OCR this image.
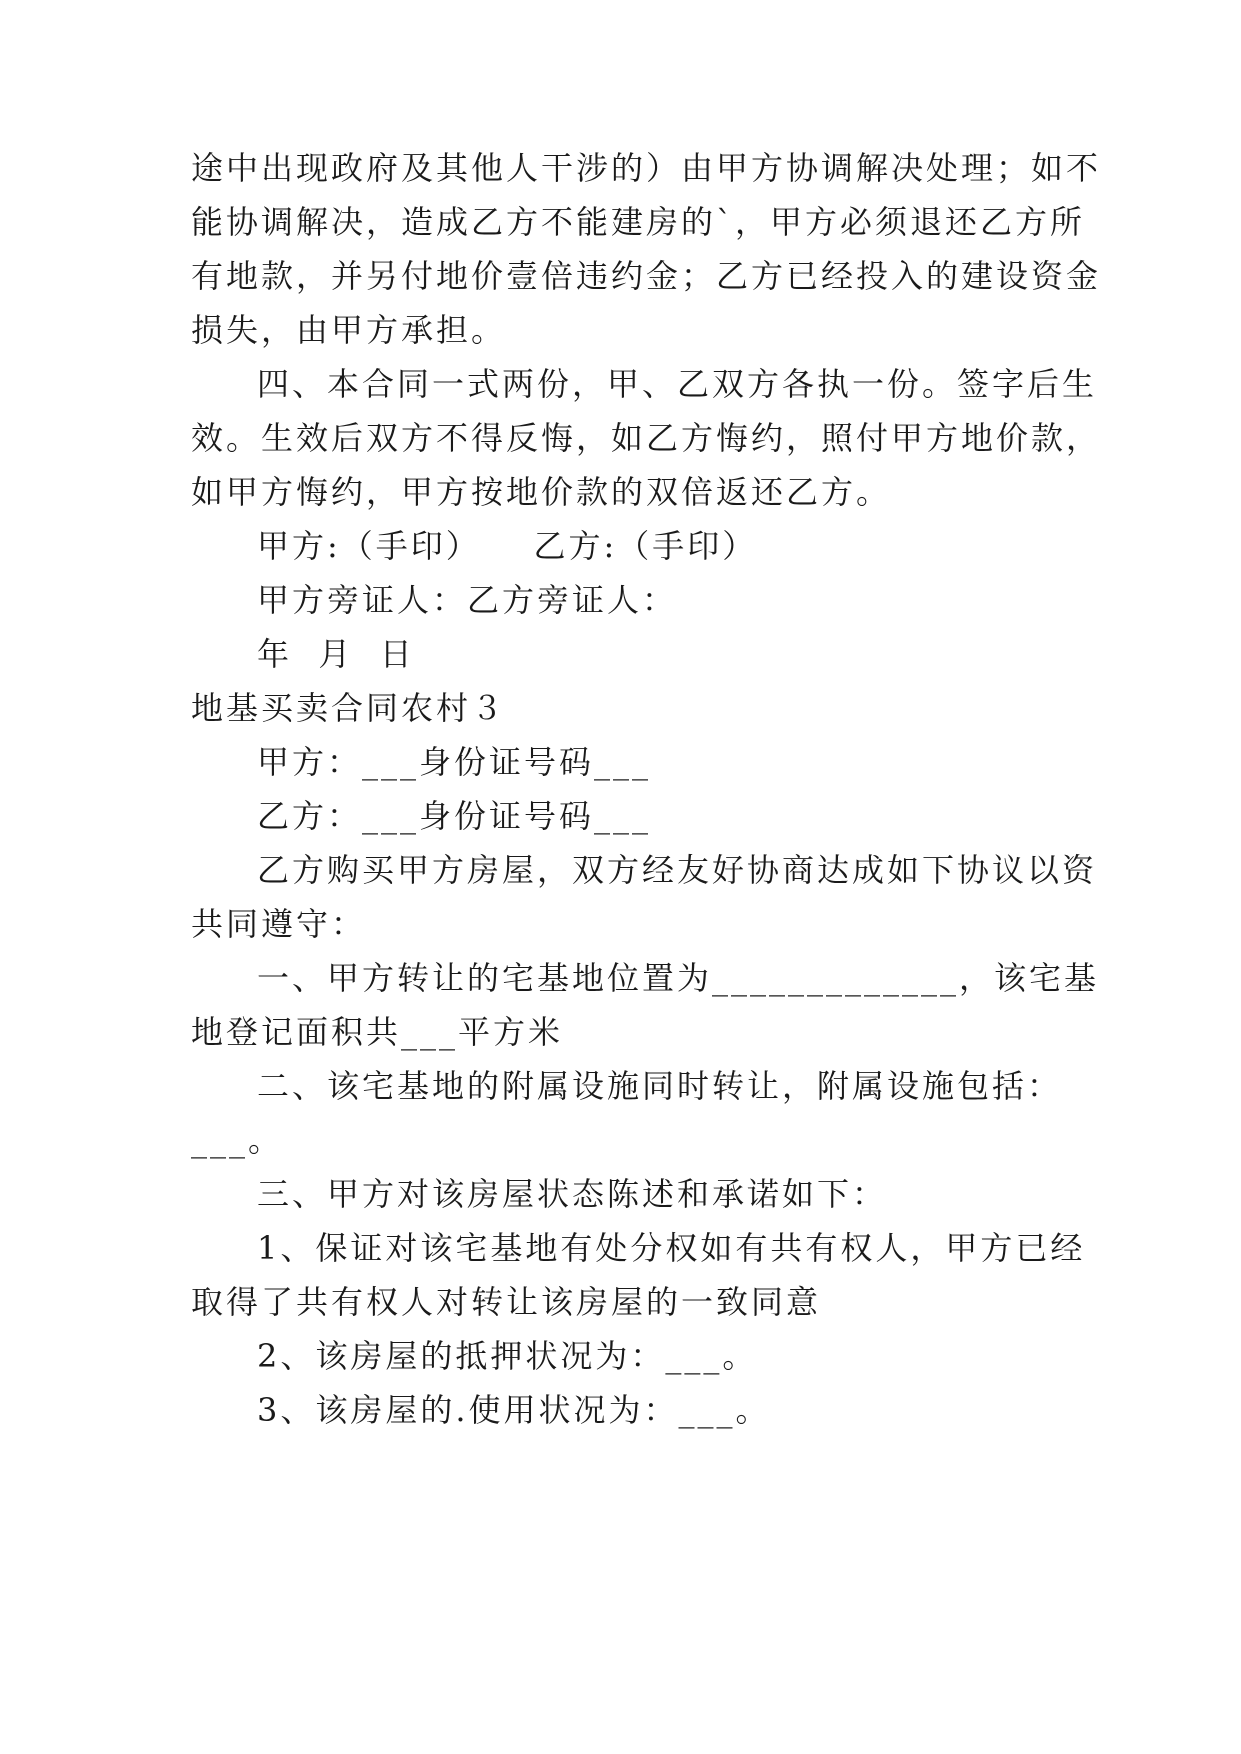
途中出现政府及其他人干涉的）由甲方协调解决处理；如不
能协调解决，造成乙方不能建房的`，甲方必须退还乙方所
有地款，并另付地价壹倍违约金；乙方已经投入的建设资金
损失，由甲方承担。
四、本合同一式两份，甲、乙双方各执一份。签字后生
效。生效后双方不得反悔，如乙方悔约，照付甲方地价款，
如甲方悔约，甲方按地价款的双倍返还乙方。
甲方:（手印）    乙方:（手印）
甲方旁证人：乙方旁证人：
年  月  日
地基买卖合同农村３
甲方：___身份证号码___
乙方：___身份证号码___
乙方购买甲方房屋，双方经友好协商达成如下协议以资
共同遵守：
一、甲方转让的宅基地位置为_____________，该宅基
地登记面积共___平方米
二、该宅基地的附属设施同时转让，附属设施包括：
___。
三、甲方对该房屋状态陈述和承诺如下：
1、保证对该宅基地有处分权如有共有权人，甲方已经
取得了共有权人对转让该房屋的一致同意
2、该房屋的抵押状况为：___。
3、该房屋的.使用状况为：___。
